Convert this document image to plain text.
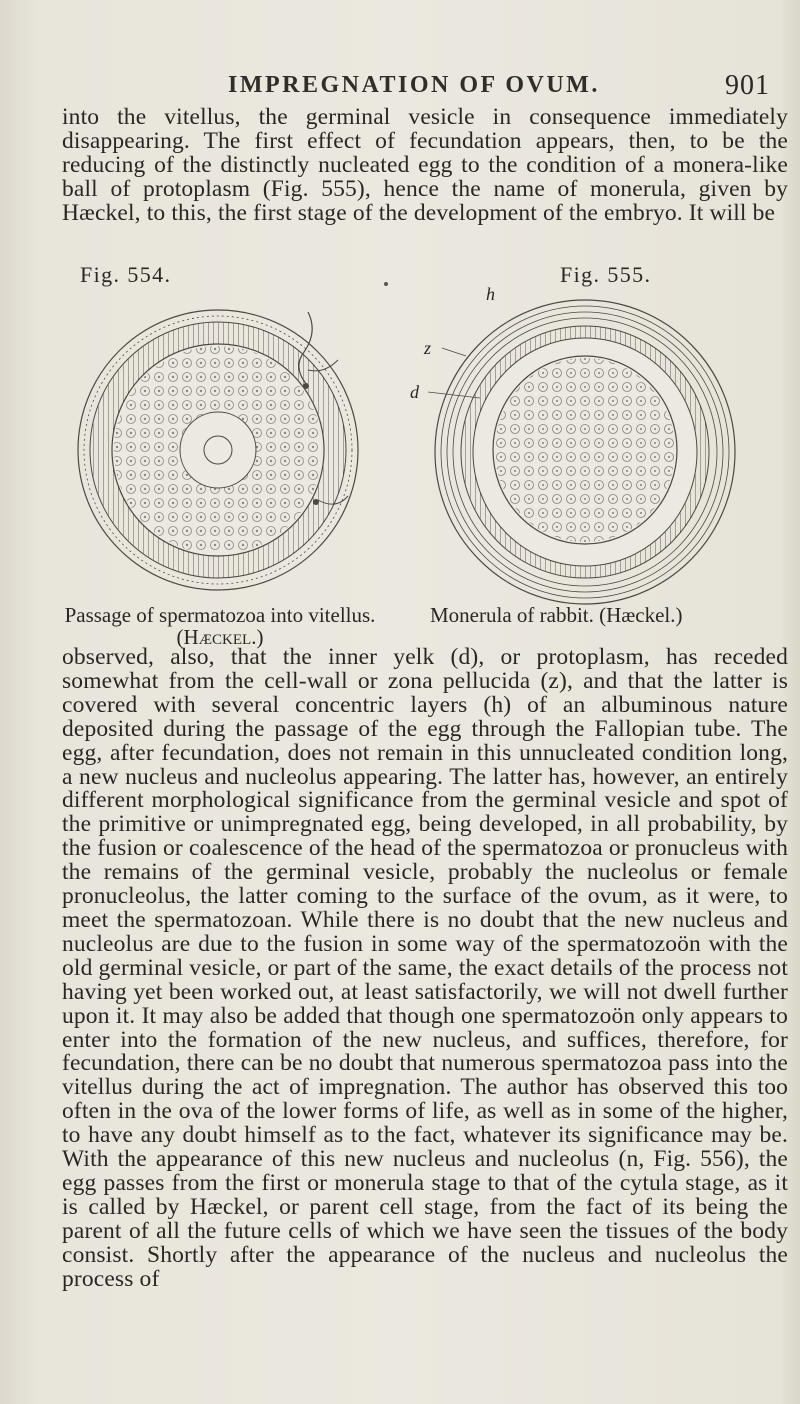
IMPREGNATION OF OVUM.	901

into the vitellus, the germinal vesicle in consequence immediately disappearing. The first effect of fecundation appears, then, to be the reducing of the distinctly nucleated egg to the condition of a monera-like ball of protoplasm (Fig. 555), hence the name of monerula, given by Hæckel, to this, the first stage of the development of the embryo. It will be

Fig. 554.	Fig. 555.
h
z
d
Passage of spermatozoa into vitellus.
(Hæckel.)
Monerula of rabbit. (Hæckel.)

observed, also, that the inner yelk (d), or protoplasm, has receded somewhat from the cell-wall or zona pellucida (z), and that the latter is covered with several concentric layers (h) of an albuminous nature deposited during the passage of the egg through the Fallopian tube. The egg, after fecundation, does not remain in this unnucleated condition long, a new nucleus and nucleolus appearing. The latter has, however, an entirely different morphological significance from the germinal vesicle and spot of the primitive or unimpregnated egg, being developed, in all probability, by the fusion or coalescence of the head of the spermatozoa or pronucleus with the remains of the germinal vesicle, probably the nucleolus or female pronucleolus, the latter coming to the surface of the ovum, as it were, to meet the spermatozoan. While there is no doubt that the new nucleus and nucleolus are due to the fusion in some way of the spermatozoön with the old germinal vesicle, or part of the same, the exact details of the process not having yet been worked out, at least satisfactorily, we will not dwell further upon it. It may also be added that though one spermatozoön only appears to enter into the formation of the new nucleus, and suffices, therefore, for fecundation, there can be no doubt that numerous spermatozoa pass into the vitellus during the act of impregnation. The author has observed this too often in the ova of the lower forms of life, as well as in some of the higher, to have any doubt himself as to the fact, whatever its significance may be. With the appearance of this new nucleus and nucleolus (n, Fig. 556), the egg passes from the first or monerula stage to that of the cytula stage, as it is called by Hæckel, or parent cell stage, from the fact of its being the parent of all the future cells of which we have seen the tissues of the body consist. Shortly after the appearance of the nucleus and nucleolus the process of
